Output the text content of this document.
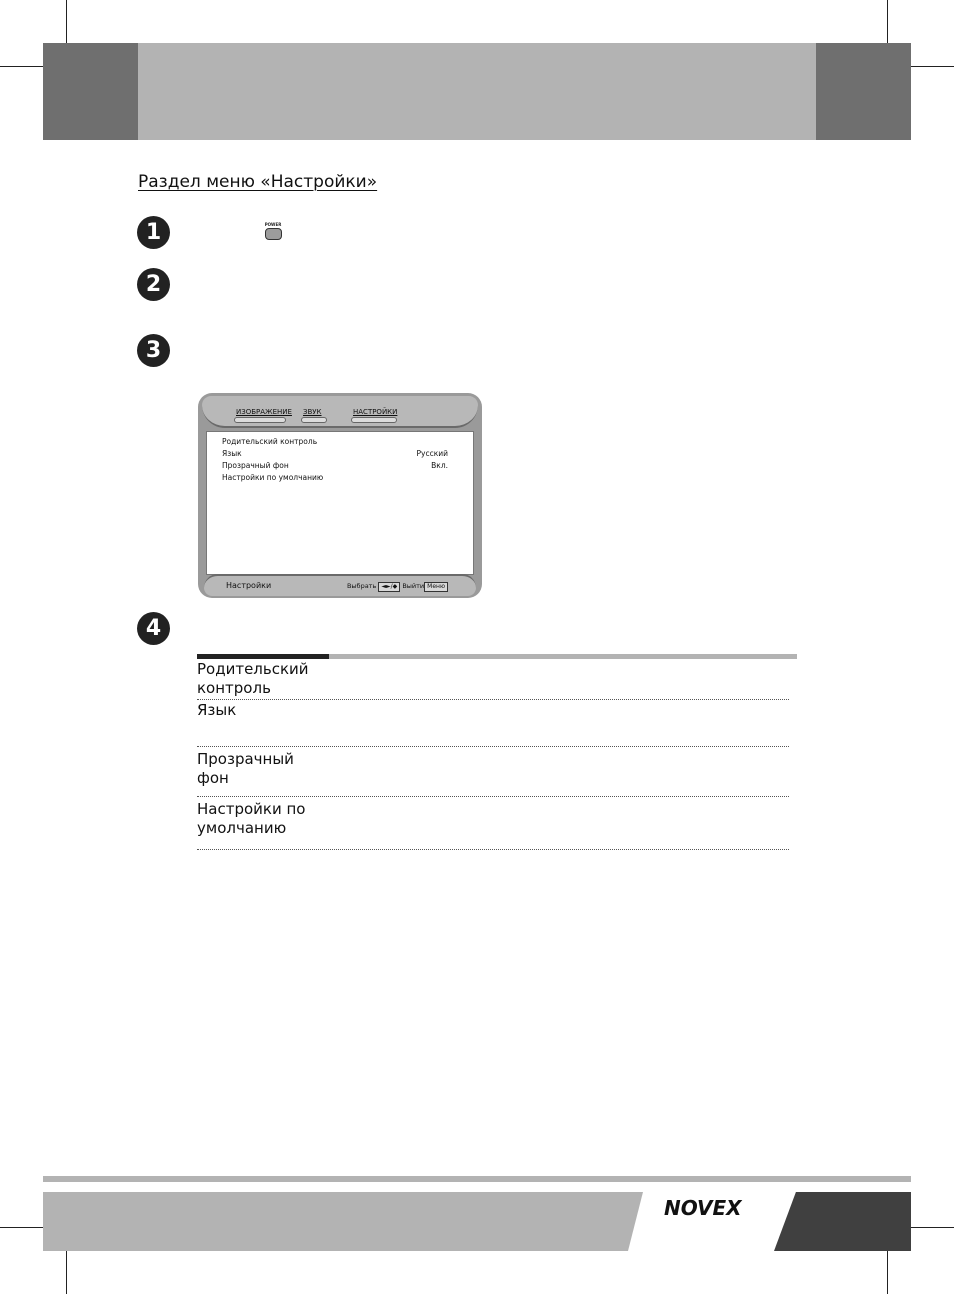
Раздел меню «Настройки»
1	POWER
2
3
ИЗОБРАЖЕНИЕ	ЗВУК	НАСТРОЙКИ
Родительский контроль
Язык	Русский
Прозрачный фон	Вкл.
Настройки по умолчанию
Настройки	Выбрать ◄►/◆ Выйти Меню
4
Родительский
контроль
Язык
Прозрачный
фон
Настройки по
умолчанию
NOVEX
